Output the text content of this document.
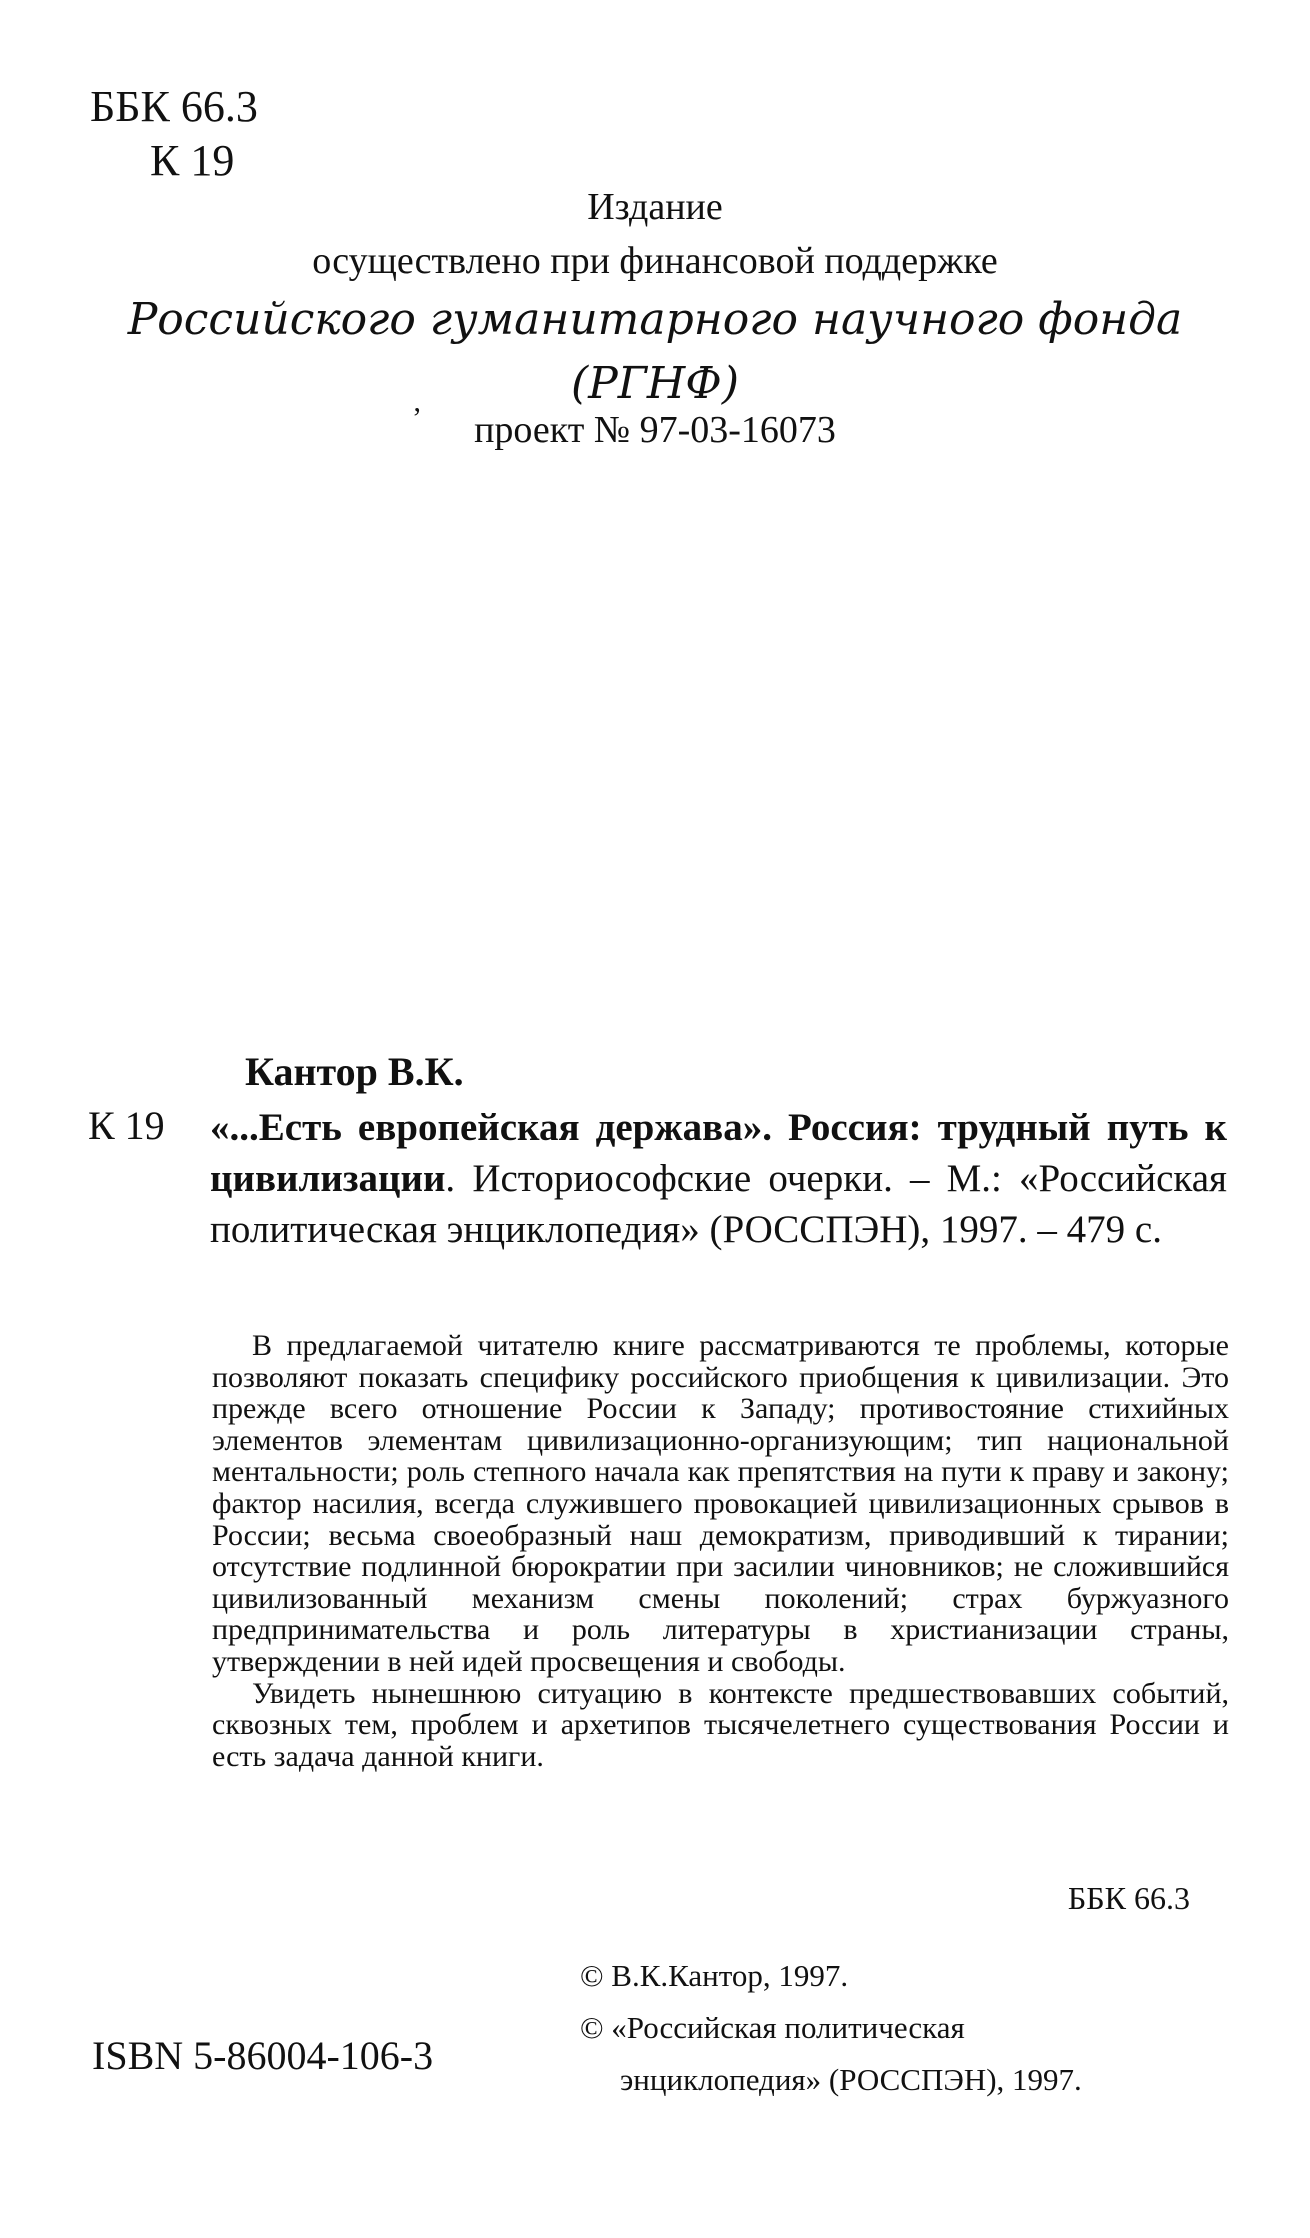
ББК 66.3
К 19
Издание
осуществлено при финансовой поддержке
Российского гуманитарного научного фонда
(РГНФ)
ʼ	проект № 97-03-16073
Кантор В.К.
К 19 «...Есть европейская держава». Россия: трудный путь к цивилизации. Историософские очерки. – М.: «Российская политическая энциклопедия» (РОССПЭН), 1997. – 479 с.

В предлагаемой читателю книге рассматриваются те проблемы, которые позволяют показать специфику российского приобщения к цивилизации. Это прежде всего отношение России к Западу; противостояние стихийных элементов элементам цивилизационно-организующим; тип национальной ментальности; роль степного начала как препятствия на пути к праву и закону; фактор насилия, всегда служившего провокацией цивилизационных срывов в России; весьма своеобразный наш демократизм, приводивший к тирании; отсутствие подлинной бюрократии при засилии чиновников; не сложившийся цивилизованный механизм смены поколений; страх буржуазного предпринимательства и роль литературы в христианизации страны, утверждении в ней идей просвещения и свободы.

Увидеть нынешнюю ситуацию в контексте предшествовавших событий, сквозных тем, проблем и архетипов тысячелетнего существования России и есть задача данной книги.

ББК 66.3
© В.К.Кантор, 1997.
© «Российская политическая
энциклопедия» (РОССПЭН), 1997.
ISBN 5-86004-106-3
